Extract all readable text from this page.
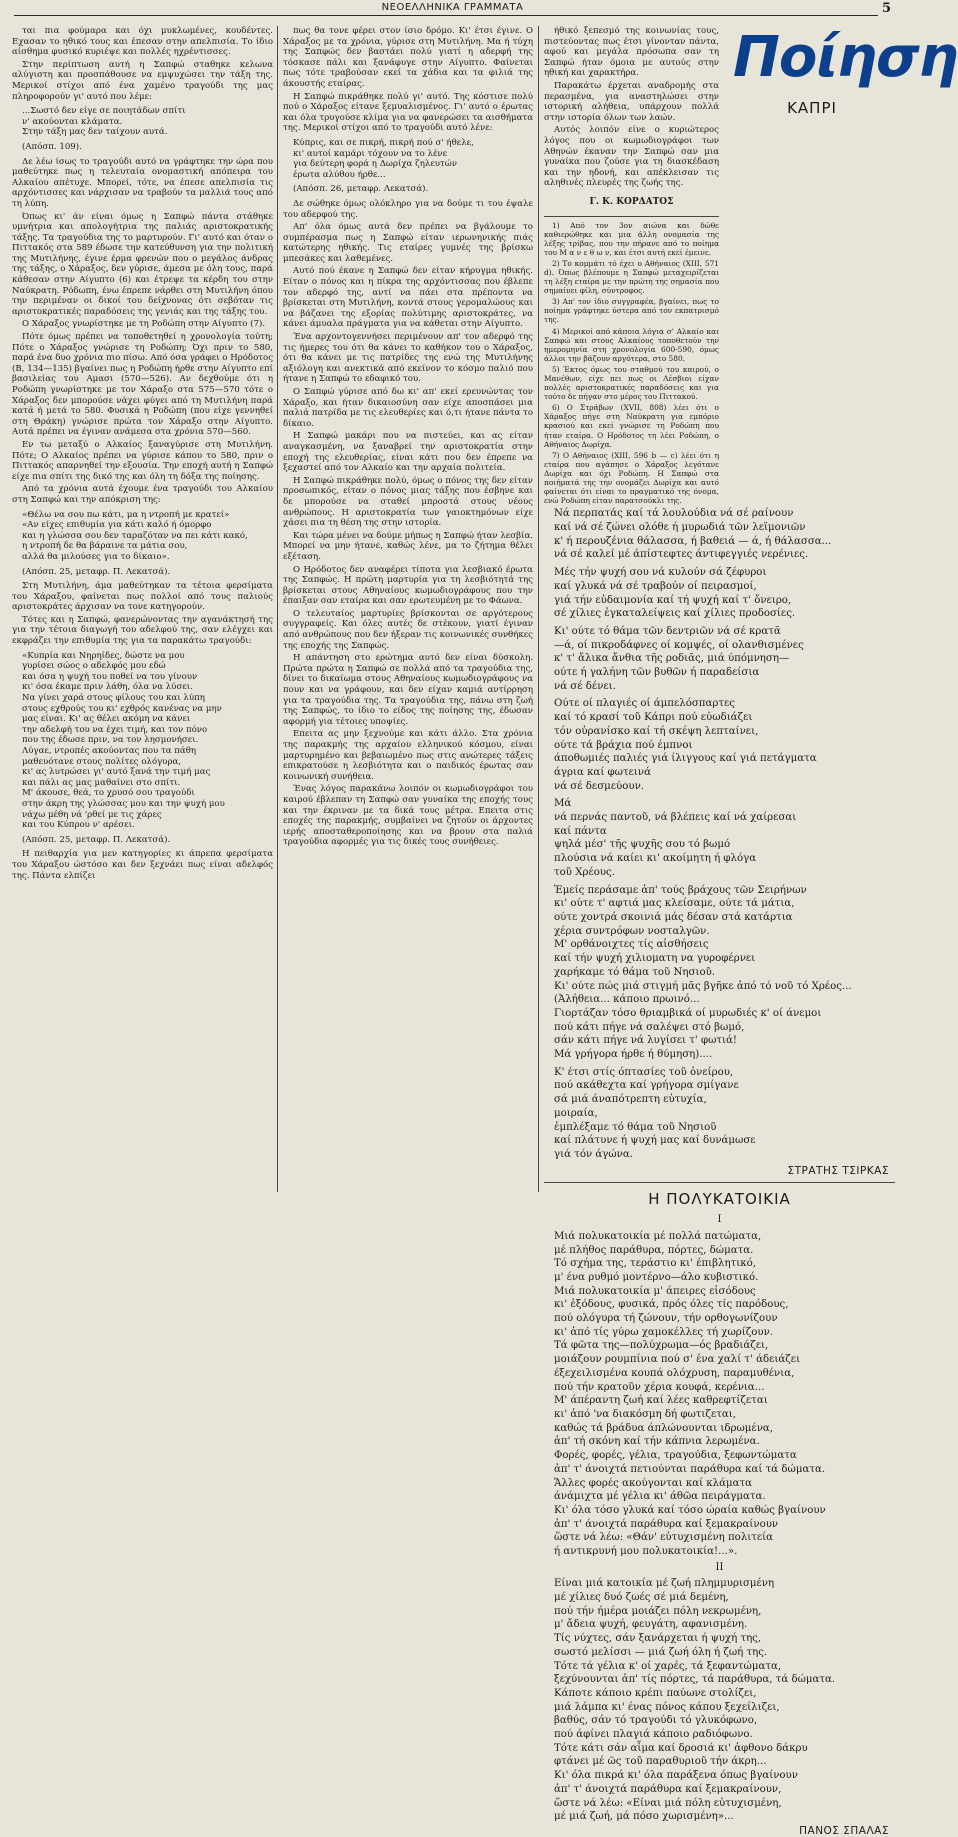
ΝΕΟΕΛΛΗΝΙΚΑ ΓΡΑΜΜΑΤΑ	5

ται πια φούμαρα και όχι μυκλωμένες, κουδέντες. Εχασαν το ηθικό τους και έπεσαν στην απελπισία. Το ίδιο αίσθημα φυσικό κυριέψε και πολλές ηχρέντισσες.

Στην περίπτωση αυτή η Σαπφώ σταθηκε κελωνα αλύγιστη και προσπάθουσε να εμψυχώσει την τάξη της. Μερικοί στίχοι από ένα χαμένο τραγούδι της μας πληροφορούν γι' αυτό που λέμε:

...Σωστό δεν είγε σε ποιητάδων σπίτι
ν' ακούονται κλάματα.
Στην τάξη μας δεν ταίχουν αυτά.
(Απόσπ. 109).

Δε λέω ίσως το τραγούδι αυτό να γράφτηκε την ώρα που μαθεύτηκε πως η τελευταία ονομαστική απόπειρα του Αλκαίου απέτυχε. Μπορεί, τότε, να έπεσε απελπισία τις αρχόντισσες και νάρχισαν να τραβούν τα μαλλιά τους από τη λύπη.

Όπως κι' άν είναι όμως η Σαπφώ πάντα στάθηκε υμνήτρια και απολογήτρια της παλιάς αριστοκρατικής τάξης. Τα τραγούδια της το μαρτυρούν. Γι' αυτό και όταν ο Πιττακός στα 589 έδωσε την κατεύθυνση για την πολιτική της Μυτιλήνης, έγινε έρμα φρενών που ο μεγάλος άνδρας της τάξης, ο Χάραξος, δεν γύρισε, άμεσα με όλη τους, παρά κάθεσαν στην Αίγυπτο (6) και έτρεψε τα κέρδη του στην Ναύκρατη. Ρόδωπη, ένω έπρεπε νάρθει στη Μυτιλήνη όπου την περιμέναν οι δικοί του δείχνονας ότι σεβόταν τις αριστοκρατικές παραδόσεις της γενιάς και της τάξης του.

Ο Χάραξος γνωρίστηκε με τη Ροδώπη στην Αίγυπτο (7).

Πότε όμως πρέπει να τοποθετηθεί η χρονολογία τούτη; Πότε ο Χάραξος γνώρισε τη Ροδώπη; Όχι πριν το 580, παρά ένα δυο χρόνια πιο πίσω. Από όσα γράφει ο Ηρόδοτος (B, 134—135) βγαίνει πως η Ροδώπη ήρθε στην Αίγυπτο επί βασιλείας του Αμασι (570—526). Αν δεχθούμε ότι η Ροδώπη γνωρίστηκε με τον Χάραξο στα 575—570 τότε ο Χάραξος δεν μπορούσε νάχει φύγει από τη Μυτιλήνη παρά κατά ή μετά το 580. Φυσικά η Ροδώπη (που είχε γεννηθεί στη Θράκη) γνώρισε πρώτα τον Χάραξο στην Αίγυπτο. Αυτά πρέπει να έγιναν ανάμεσα στα χρόνια 570—560.

Εν τω μεταξύ ο Αλκαίος ξαναγύρισε στη Μυτιλήνη. Πότε; Ο Αλκαίος πρέπει να γύρισε κάπου το 580, πριν ο Πιττακός απαρνηθεί την εξουσία. Την εποχή αυτή η Σαπφώ είχε πια σπίτι της δικό της και όλη τη δόξα της ποίησης.

Από τα χρόνια αυτά έχουμε ένα τραγούδι του Αλκαίου στη Σαπφώ και την απόκριση της:

«Θέλω να σου πω κάτι, μα η ντροπή με κρατεί»
«Αν είχες επιθυμία για κάτι καλό ή όμορφο
και η γλώσσα σου δεν ταραζόταν να πει κάτι κακό,
η ντροπή δε θα βάραινε τα μάτια σου,
αλλά θα μιλούσες για το δίκαιο».
(Απόσπ. 25, μεταφρ. Π. Λεκατσά).

Στη Μυτιλήνη, άμα μαθεύτηκαν τα τέτοια φερσίματα του Χάραξου, φαίνεται πως πολλοί από τους παλιούς αριστοκράτες άρχισαν να τονε κατηγορούν.

Τότες και η Σαπφώ, φανερώνοντας την αγανάκτησή της για την τέτοια διαγωγή του αδελφού της, σαν ελέγχει και εκφράζει την επιθυμία της για τα παρακάτω τραγούδι:

«Κυπρία και Νηρηίδες, δώστε να μου
γυρίσει σώος ο αδελφός μου εδώ
και όσα η ψυχή του ποθεί να του γίνουν
κι' όσα έκαμε πριν λάθη, όλα να λύσει.
Να γίνει χαρά στους φίλους του και λύπη
στους εχθρούς του κι' εχθρός κανένας να μην
μας είναι. Κι' ας θέλει ακόμη να κάνει
την αδελφή του να έχει τιμή, και τον πόνο
που της έδωσε πριν, να τον λησμονήσει.
Λύγαε, ντροπές ακούοντας που τα πάθη
μαθευότανε στους πολίτες ολόγυρα,
κι' ας λυτρώσει γι' αυτό ξανά την τιμή μας
και πάλι ας μας μαθαίνει στο σπίτι.
Μ' άκουσε, θεά, το χρυσό σου τραγούδι
στην άκρη της γλώσσας μου και την ψυχή μου
νάχω μέθη νά 'ρθεί με τις χάρες
και του Κύπρου ν' αρέσει.
(Απόσπ. 25, μεταφρ. Π. Λεκατσά).

Η πειθαρχία για μεν κατηγορίες κι άπρεπα φερσίματα του Χάραξου ώστόσο και δεν ξεχνάει πως είναι αδελφός της. Πάντα ελπίζει

πως θα τονε φέρει στον ίσιο δρόμο. Κι' έτσι έγινε. Ο Χάραξος με τα χρόνια, γύρισε στη Μυτιλήνη. Μα ή τύχη της Σαπφώς δεν βαστάει πολύ γιατί η αδερφή της τόσκασε πάλι και ξανάφυγε στην Αίγυπτο. Φαίνεται πως τότε τραβούσαν εκεί τα χάδια και τα φιλιά της άκουστής εταίρας.

Η Σαπφώ πικράθηκε πολύ γι' αυτό. Της κόστισε πολύ πού ο Χάραξος είτανε ξεμυαλισμένος. Γι' αυτό ο έρωτας και όλα τρυγούσε κλίμα για να φανερώσει τα αισθήματα της. Μερικοί στίχοι από το τραγούδι αυτό λένε:

Κύπρις, και σε πικρή, πικρή πού σ' ήθελε,
κι' αυτοί καμάρι τόχουν να το λένε
για δεύτερη φορά η Δωρίχα ζηλευτών
έρωτα αλύθου ήρθε...
(Απόσπ. 26, μεταφρ. Λεκατσά).

Δε σώθηκε όμως ολόκληρο για να δούμε τι του έψαλε του αδερφού της.

Απ' όλα όμως αυτά δεν πρέπει να βγάλουμε το συμπέρασμα πως η Σαπφώ είταν ιερωνηνικής πιάς κατώτερης ηθικής. Τις εταίρες γυμνές της βρίσκω μπεσάκες και λαθεμένες.

Αυτό πού έκανε η Σαπφώ δεν είταν κήρυγμα ηθικής. Είταν ο πόνος και η πίκρα της αρχόντισσας που έβλεπε τον αδερφό της, αντί να πάει στα πρέποντα να βρίσκεται στη Μυτιλήνη, κοντά στους γερομαλώους και να βάζανει της εξορίας πολύτιμης αριστοκράτες, να κάνει άμυαλα πράγματα για να κάθεται στην Αίγυπτο.

Ένα αρχοντογεννήσει περιμένουν απ' τον αδερφό της τις ήμερες του ότι θα κάνει το καθήκον του ο Χάραξος, ότι θα κάνει με τις πατρίδες της ενώ της Μυτιλήνης αξιόλογη και ανεκτικά από εκείνον το κόσμο παλιό που ήτανε η Σαπφώ το εδαφικό του.

Ο Σαπφώ γύρισε από δω κι' απ' εκεί ερευνώντας τον Χάραξο, και ήταν δικαιοσύνη σαν είχε αποσπάσει μια παλιά πατρίδα με τις ελευθερίες και ό,τι ήτανε πάντα το δίκαιο.

Η Σαπφώ μακάρι που να πιστεύει, και ας είταν αναγκασμένη, να ξαναβρεί την αριστοκρατία στην εποχή της ελευθερίας, είναι κάτι που δεν έπρεπε να ξεχαστεί από τον Αλκαίο και την αρχαία πολιτεία.

Η Σαπφώ πικράθηκε πολύ, όμως ο πόνος της δεν είταν προσωπικός, είταν ο πόνος μιας τάξης που έσβηνε και δε μπορούσε να σταθεί μπροστά στους νέους ανθρώπους. Η αριστοκρατία των γαιοκτημόνων είχε χάσει πια τη θέση της στην ιστορία.

Και τώρα μένει να δούμε μήπως η Σαπφώ ήταν λεσβία. Μπορεί να μην ήτανε, καθώς λένε, μα το ζήτημα θέλει εξέταση.

Ο Ηρόδοτος δεν αναφέρει τίποτα για λεσβιακό έρωτα της Σαπφώς. Η πρώτη μαρτυρία για τη λεσβιότητά της βρίσκεται στους Αθηναίους κωμωδιογράφους που την έπαιξαν σαν εταίρα και σαν ερωτευμένη με το Φάωνα.

Ο τελευταίος μαρτυρίες βρίσκονται σε αργότερους συγγραφείς. Και όλες αυτές δε στέκουν, γιατί έγιναν από ανθρώπους που δεν ήξεραν τις κοινωνικές συνθήκες της εποχής της Σαπφώς.

Η απάντηση στο ερώτημα αυτό δεν είναι δύσκολη. Πρώτα πρώτα η Σαπφώ σε πολλά από τα τραγούδια της, δίνει το δικαίωμα στους Αθηναίους κωμωδιογράφους να πουν και να γράφουν, και δεν είχαν καμιά αντίρρηση για τα τραγούδια της. Τα τραγούδια της, πάνω στη ζωή της Σαπφώς, το ίδιο το είδος της ποίησης της, έδωσαν αφορμή για τέτοιες υποψίες.

Επειτα ας μην ξεχνούμε και κάτι άλλο. Στα χρόνια της παρακμής της αρχαίου ελληνικού κόσμου, είναι μαρτυρημένο και βεβαιωμένο πως στις ανώτερες τάξεις επικρατούσε η λεσβιότητα και ο παιδικός έρωτας σαν κοινωνική συνήθεια.

Ένας λόγος παρακάνω λοιπόν οι κωμωδιογράφοι του καιρού έβλεπαν τη Σαπφώ σαν γυναίκα της εποχής τους και την έκριναν με τα δικά τους μέτρα. Επειτα στις εποχές της παρακμής, συμβαίνει να ζητούν οι άρχοντες ιερής αποσταθεροποίησης και να βρουν στα παλιά τραγούδια αφορμές για τις δικές τους συνήθειες.

ήθικό ξεπεσμό της κοινωνίας τους, πιστεύοντας πως έτσι γίνονταν πάντα, αφού και μεγάλα πρόσωπα σαν τη Σαπφώ ήταν όμοια με αυτούς στην ηθική και χαρακτήρα.

Παρακάτω έρχεται αναδρομής στα περασμένα, για αναστηλώσει στην ιστορική αλήθεια, υπάρχουν πολλά στην ιστορία όλων των λαών.

Αυτός λοιπόν είνε ο κυριώτερος λόγος που οι κωμωδιογράφοι των Αθηνών έκαναν την Σαπφώ σαν μια γυναίκα που ζούσε για τη διασκέδαση και την ηδονή, και απέκλεισαν τις αληθινές πλευρές της ζωής της.

Γ. Κ. ΚΟΡΔΑΤΟΣ

1) Από τον 3ον αιώνα και δώθε καθιερώθηκε και μια άλλη ονομασία της λέξης τρίβας, που την πήρανε από το ποίημα του Μ α ν ε θ ω ν, και έτσι αυτή εκεί έμεινε.

2) Το κομμάτι τό έχει ο Αθήναιος (XIII, 571 d). Όπως βλέπουμε η Σαπφώ μεταχειρίζεται τη λέξη εταίρα με την πρώτη της σημασία που σημαίνει φίλη, σύντροφος.

3) Απ' τον ίδιο συγγραφέα, βγαίνει, πως το ποίημα γράφτηκε ύστερα από τον εκπατρισμό της.

4) Μερικοί από κάποια λόγια σ' Αλκαίο και Σαπφώ και στους Αλκαίους τοποθετούν την ημερομηνία στη χρονολογία 600-590, όμως άλλοι την βάζουν αργότερα, στο 580.

5) Έκτος όμως του σταθμού του καιρού, ο Μανέθων, είχε πει πως οι Λέσβιοι είχαν πολλές αριστοκρατικές παραδόσεις και για τούτο δε πήγαν στο μέρος του Πιττακού.

6) Ο Στράβων (XVII, 808) λέει ότι ο Χάραξος πήγε στη Ναύκρατη για εμπόριο κρασιού και εκεί γνώρισε τη Ροδώπη που ήταν εταίρα. Ο Ηρόδοτος τη λέει Ροδώπη, ο Αθήναιος Δωρίχα.

7) Ο Αθήναιος (XIII, 596 b — c) λέει ότι η εταίρα που αγάπησε ο Χάραξος λεγότανε Δωρίχα και όχι Ροδώπη. Η Σαπφώ στα ποιήματά της την ονομάζει Δωρίχα και αυτό φαίνεται ότι είναι το πραγματικό της όνομα, ενώ Ροδώπη είταν παρατσούκλι της.

Ποίηση
ΚΑΠΡΙ
Νά περπατάς καί τά λουλούδια νά σέ ραίνουν
καί νά σέ ζώνει ολόθε ή μυρωδιά τῶν λεϊμονιῶν
κ' ή περουζένια θάλασσα, ή βαθειά — ά, ή θάλασσα...
νά σέ καλεί μέ άπίστεφτες άντιφεγγιές νερένιες.
Μές τήν ψυχή σου νά κυλούν σά ζέφυροι
καί γλυκά νά σέ τραβούν οί πειρασμοί,
γιά τήν εὐδαιμονία καί τή ψυχή καί τ' ὄνειρο,
σέ χίλιες ἐγκαταλείψεις καί χίλιες προδοσίες.
Κι' ούτε τό θάμα τῶν δεντριῶν νά σέ κρατᾶ
—ά, οί πικροδάφνες οί κομψές, οί ολανθισμένες
κ' τ' ἄλικα ἄνθια τῆς ροδιᾶς, μιά ύπόμνηση—
ούτε ή γαλήνη τῶν βυθῶν ή παραδείσια
νά σέ δένει.
Ούτε οί πλαγιές οί άμπελόσπαρτες
καί τό κρασί τοῦ Κάπρι πού εὐωδιάζει
τόν οὐρανίσκο καί τή σκέψη λεπταίνει,
ούτε τά βράχια πού έμπνοι
άποθωμιές παλιές γιά ίλιγγους καί γιά πετάγματα
άγρια καί φωτεινά
νά σέ δεσμεύουν.
Μά
νά περνάς παντοῦ, νά βλέπεις καί νά χαίρεσαι
καί πάντα
ψηλά μέσ' τῆς ψυχῆς σου τό βωμό
πλούσια νά καίει κι' ακοίμητη ή φλόγα
τοῦ Χρέους.
Ἐμείς περάσαμε ἀπ' τούς βράχους τῶν Σειρήνων
κι' ούτε τ' αφτιά μας κλείσαμε, ούτε τά μάτια,
ούτε χοντρά σκοινιά μάς δέσαν στά κατάρτια
χέρια συντρόφων νοσταλγῶν.
Μ' ορθάνοιχτες τίς αἰσθήσεις
καί τήν ψυχή χιλιοματη να γυροφέρνει
χαρήκαμε τό θάμα τοῦ Νησιοῦ.
Κι' ούτε πώς μιά στιγμή μᾶς βγῆκε ἀπό τό νοῦ τό Χρέος...
(Ἀλήθεια... κάποιο πρωινό...
Γιορτάζαν τόσο θριαμβικά οί μυρωδιές κ' οί άνεμοι
πού κάτι πήγε νά σαλέψει στό βωμό,
σάν κάτι πήγε νά λυγίσει τ' φωτιά!
Μά γρήγορα ήρθε ή θύμηση)....
Κ' έτσι στίς όπτασίες τοῦ ὀνείρου,
πού ακάθεχτα καί γρήγορα σμίγανε
σά μιά άναπότρεπτη εὐτυχία,
μοιραία,
ἐμπλέξαμε τό θάμα τοῦ Νησιοῦ
καί πλάτυνε ή ψυχή μας καί δυνάμωσε
γιά τόν άγώνα.
ΣΤΡΑΤΗΣ ΤΣΙΡΚΑΣ
Η ΠΟΛΥΚΑΤΟΙΚΙΑ
I
Μιά πολυκατοικία μέ πολλά πατώματα,
μέ πλήθος παράθυρα, πόρτες, δώματα.
Τό σχήμα της, τεράστιο κι' έπιβλητικό,
μ' ένα ρυθμό μοντέρνο—άλο κυβιστικό.
Μιά πολυκατοικία μ' άπειρες εἰσόδους
κι' ἐξόδους, φυσικά, πρός όλες τίς παρόδους,
πού ολόγυρα τή ζώνουν, τήν ορθογωνίζουν
κι' ἀπό τίς γύρω χαμοκέλλες τή χωρίζουν.
Τά φῶτα της—πολύχρωμα—ός βραδιάζει,
μοιάζουν ρουμπίνια πού σ' ένα χαλί τ' άδειάζει
έξεχειλισμένα κουπά ολόχρυση, παραμυθένια,
πού τήν κρατοῦν χέρια κουφά, κερένια...
Μ' άπέραντη ζωή καί λέες καθρεφτίζεται
κι' ἀπό 'να διακόσμη δή φωτιζεται,
καθώς τά βράδυα άπλώνουνται ιδρωμένα,
ἀπ' τή σκόνη καί τήν κάπνια λερωμένα.
Φορές, φορές, γέλια, τραγούδια, ξεφωντώματα
ἀπ' τ' άνοιχτά πετιούνται παράθυρα καί τά δώματα.
Ἄλλες φορές ακούγονται καί κλάματα
άνάμιχτα μέ γέλια κι' άθῶα πειράγματα.
Κι' όλα τόσο γλυκά καί τόσο ώραία καθώς βγαίνουν
ἀπ' τ' άνοιχτά παράθυρα καί ξεμακραίνουν
ὥστε νά λέω: «Θάν' εὐτυχισμένη πολιτεία
ή αντικρυνή μου πολυκατοικία!...».
II
Είναι μιά κατοικία μέ ζωή πλημμυρισμένη
μέ χίλιες δυό ζωές σέ μιά δεμένη,
πού τήν ήμέρα μοιάζει πόλη νεκρωμένη,
μ' ἄδεια ψυχή, φευγάτη, αφανισμένη.
Τίς νύχτες, σάν ξανάρχεται ή ψυχή της,
σωστό μελίσσι — μιά ζωή όλη ή ζωή της.
Τότε τά γέλια κ' οί χαρές, τά ξεφαντώματα,
ξεχύνουνται ἀπ' τίς πόρτες, τά παράθυρα, τά δώματα.
Κάποτε κάποιο κρέπι παύωνε στολίζει,
μιά λάμπα κι' ένας πόνος κάπου ξεχείλιζει,
βαθύς, σάν τό τραγούδι τό γλυκόφωνο,
πού άφίνει πλαγιά κάποιο ραδιόφωνο.
Τότε κάτι σάν αἷμα καί δροσιά κι' ἀφθονο δάκρυ
φτάνει μέ ῶς τοῦ παραθυριοῦ τήν άκρη...
Κι' όλα πικρά κι' όλα παράξενα όπως βγαίνουν
ἀπ' τ' άνοιχτά παράθυρα καί ξεμακραίνουν,
ὥστε νά λέω: «Είναι μιά πόλη εὐτυχισμένη,
μέ μιά ζωή, μά πόσο χωρισμένη»...
ΠΑΝΟΣ ΣΠΑΛΑΣ
